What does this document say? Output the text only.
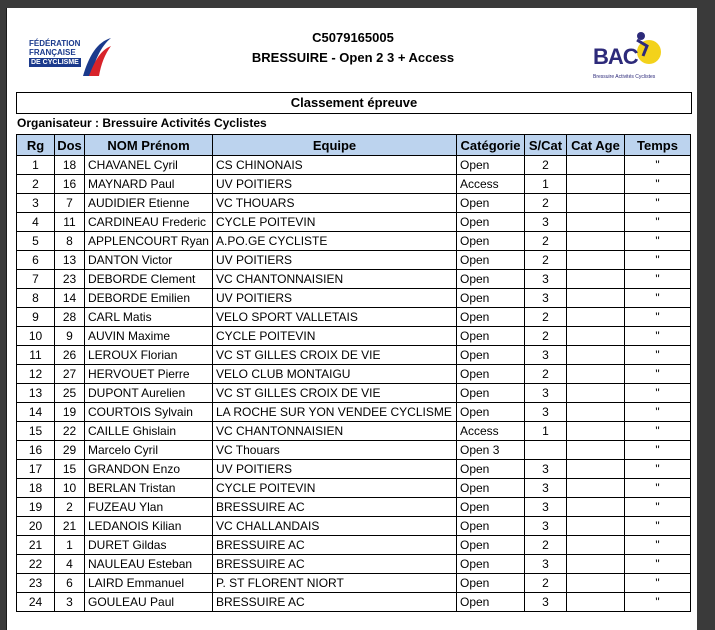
FÉDÉRATION
FRANÇAISE
DE CYCLISME
C5079165005
BRESSUIRE - Open 2 3 + Access	BAC
Bressuire Activités Cyclistes
Classement épreuve
Organisateur : Bressuire Activités Cyclistes
Rg	Dos	NOM Prénom	Equipe	Catégorie	S/Cat	Cat Age	Temps
1	18	CHAVANEL Cyril	CS CHINONAIS	Open	2		"
2	16	MAYNARD Paul	UV POITIERS	Access	1		"
3	7	AUDIDIER Etienne	VC THOUARS	Open	2		"
4	11	CARDINEAU Frederic	CYCLE POITEVIN	Open	3		"
5	8	APPLENCOURT Ryan	A.PO.GE CYCLISTE	Open	2		"
6	13	DANTON Victor	UV POITIERS	Open	2		"
7	23	DEBORDE Clement	VC CHANTONNAISIEN	Open	3		"
8	14	DEBORDE Emilien	UV POITIERS	Open	3		"
9	28	CARL Matis	VELO SPORT VALLETAIS	Open	2		"
10	9	AUVIN Maxime	CYCLE POITEVIN	Open	2		"
11	26	LEROUX Florian	VC ST GILLES CROIX DE VIE	Open	3		"
12	27	HERVOUET Pierre	VELO CLUB MONTAIGU	Open	2		"
13	25	DUPONT Aurelien	VC ST GILLES CROIX DE VIE	Open	3		"
14	19	COURTOIS Sylvain	LA ROCHE SUR YON VENDEE CYCLISME	Open	3		"
15	22	CAILLE Ghislain	VC CHANTONNAISIEN	Access	1		"
16	29	Marcelo Cyril	VC Thouars	Open 3			"
17	15	GRANDON Enzo	UV POITIERS	Open	3		"
18	10	BERLAN Tristan	CYCLE POITEVIN	Open	3		"
19	2	FUZEAU Ylan	BRESSUIRE AC	Open	3		"
20	21	LEDANOIS Kilian	VC CHALLANDAIS	Open	3		"
21	1	DURET Gildas	BRESSUIRE AC	Open	2		"
22	4	NAULEAU Esteban	BRESSUIRE AC	Open	3		"
23	6	LAIRD Emmanuel	P. ST FLORENT NIORT	Open	2		"
24	3	GOULEAU Paul	BRESSUIRE AC	Open	3		"
